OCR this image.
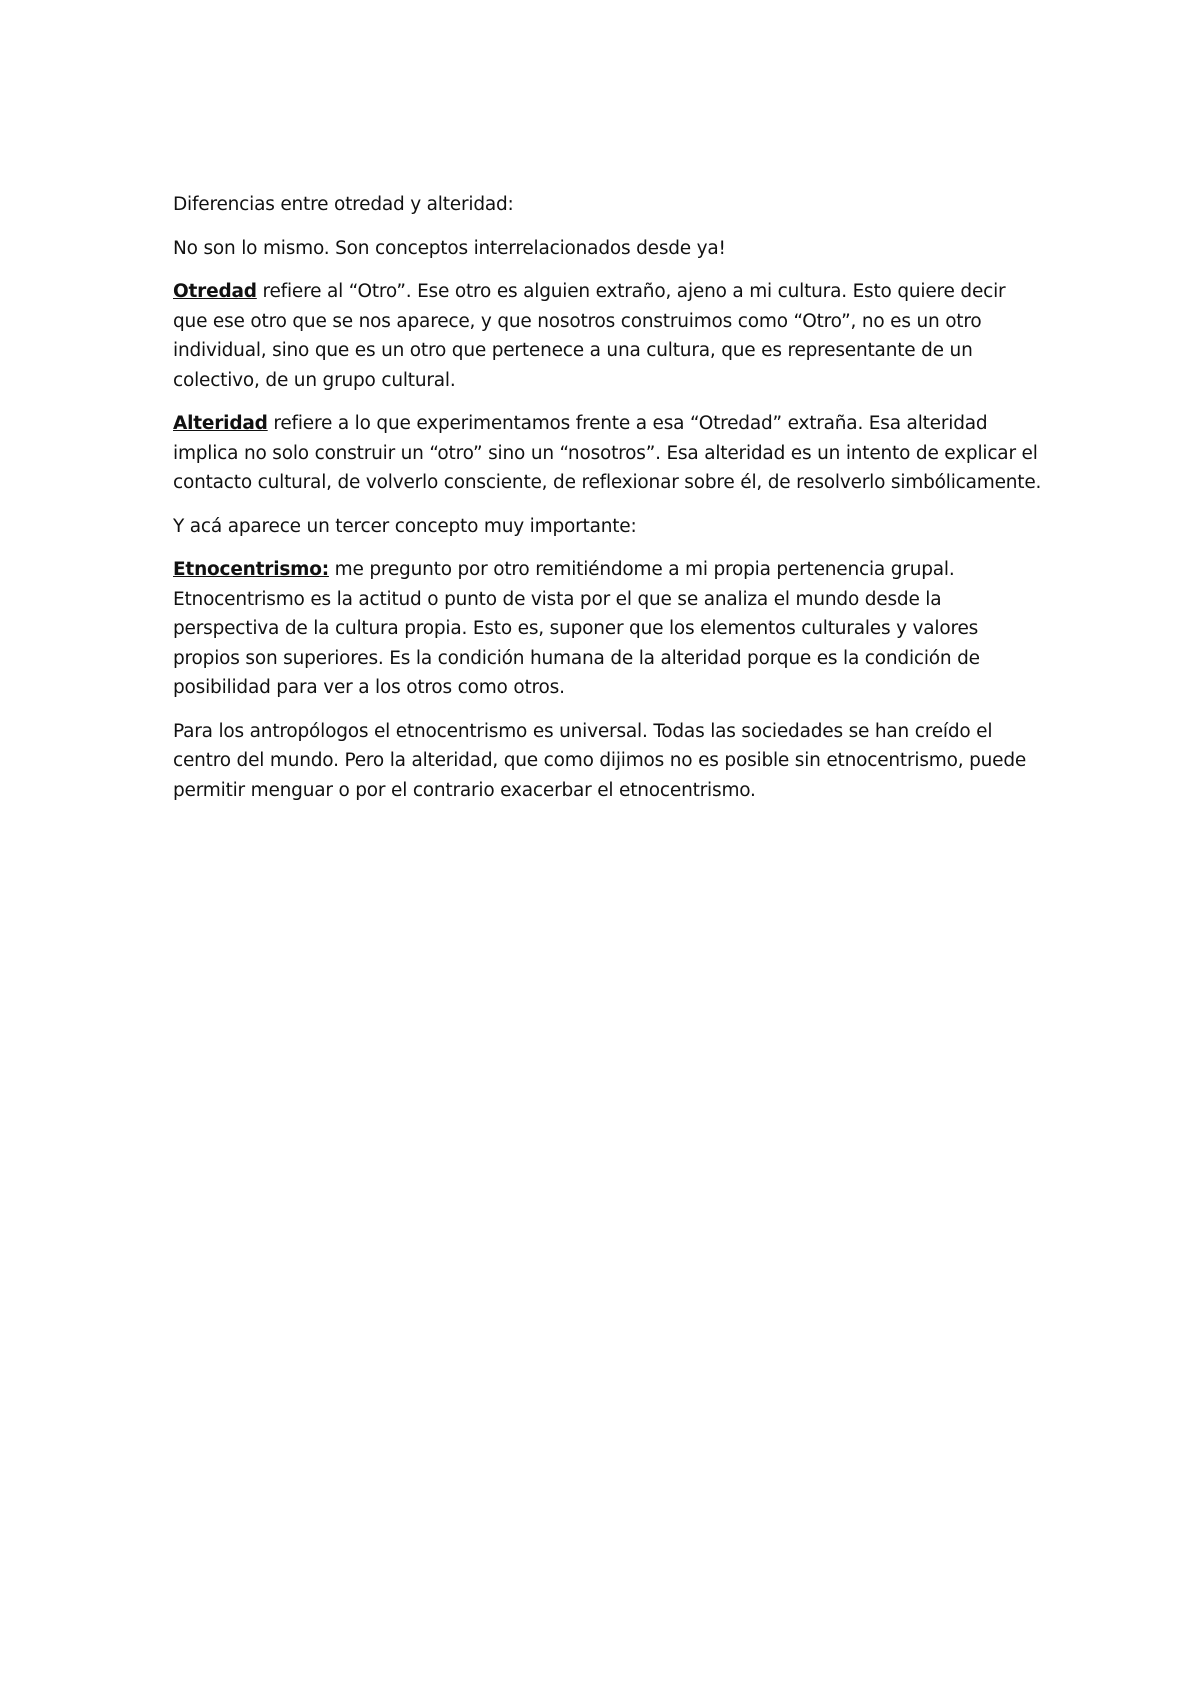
Diferencias entre otredad y alteridad:

No son lo mismo. Son conceptos interrelacionados desde ya!

Otredad refiere al “Otro”. Ese otro es alguien extraño, ajeno a mi cultura. Esto quiere decir que ese otro que se nos aparece, y que nosotros construimos como “Otro”, no es un otro individual, sino que es un otro que pertenece a una cultura, que es representante de un colectivo, de un grupo cultural.

Alteridad refiere a lo que experimentamos frente a esa “Otredad” extraña. Esa alteridad implica no solo construir un “otro” sino un “nosotros”. Esa alteridad es un intento de explicar el contacto cultural, de volverlo consciente, de reflexionar sobre él, de resolverlo simbólicamente.

Y acá aparece un tercer concepto muy importante:

Etnocentrismo: me pregunto por otro remitiéndome a mi propia pertenencia grupal. Etnocentrismo es la actitud o punto de vista por el que se analiza el mundo desde la perspectiva de la cultura propia. Esto es, suponer que los elementos culturales y valores propios son superiores. Es la condición humana de la alteridad porque es la condición de posibilidad para ver a los otros como otros.

Para los antropólogos el etnocentrismo es universal. Todas las sociedades se han creído el centro del mundo. Pero la alteridad, que como dijimos no es posible sin etnocentrismo, puede permitir menguar o por el contrario exacerbar el etnocentrismo.
